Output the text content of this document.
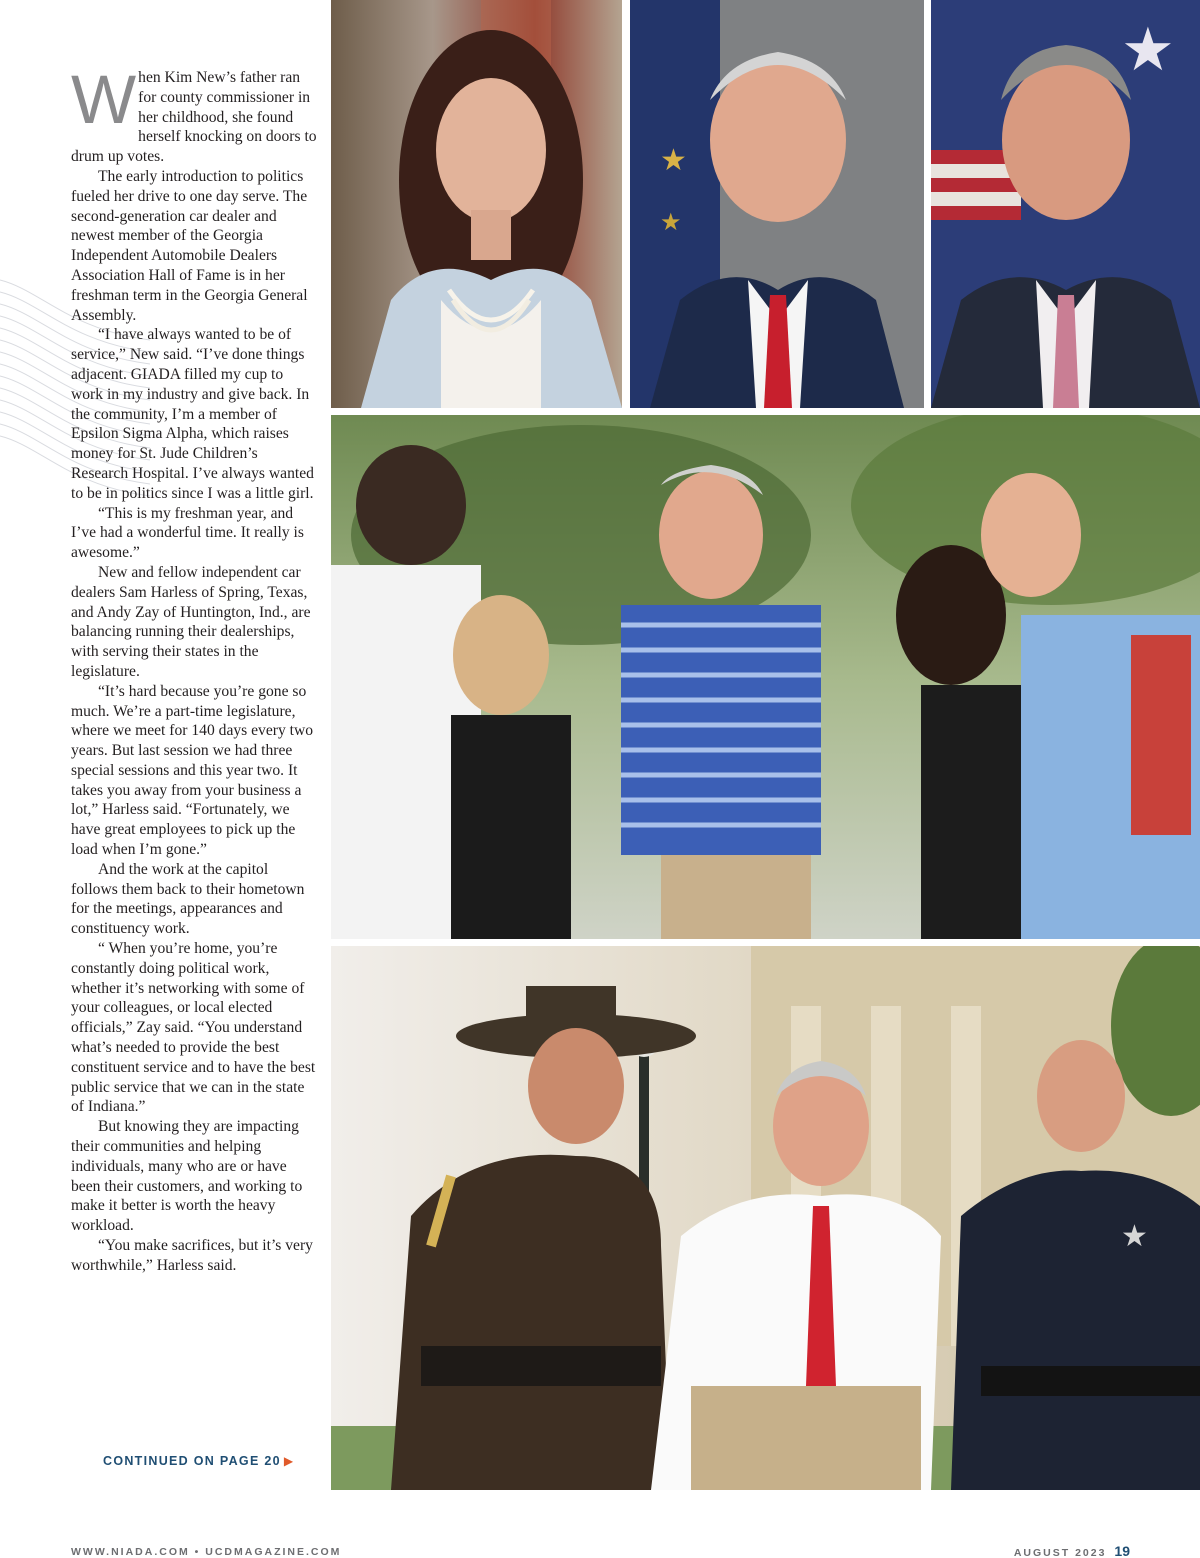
When Kim New’s father ran for county commissioner in her childhood, she found herself knocking on doors to drum up votes.

The early introduction to politics fueled her drive to one day serve. The second-generation car dealer and newest member of the Georgia Independent Automobile Dealers Association Hall of Fame is in her freshman term in the Georgia General Assembly.

“I have always wanted to be of service,” New said. “I’ve done things adjacent. GIADA filled my cup to work in my industry and give back. In the community, I’m a member of Epsilon Sigma Alpha, which raises money for St. Jude Children’s Research Hospital. I’ve always wanted to be in politics since I was a little girl.

“This is my freshman year, and I’ve had a wonderful time. It really is awesome.”

New and fellow independent car dealers Sam Harless of Spring, Texas, and Andy Zay of Huntington, Ind., are balancing running their dealerships, with serving their states in the legislature.

“It’s hard because you’re gone so much. We’re a part-time legislature, where we meet for 140 days every two years. But last session we had three special sessions and this year two. It takes you away from your business a lot,” Harless said. “Fortunately, we have great employees to pick up the load when I’m gone.”

And the work at the capitol follows them back to their hometown for the meetings, appearances and constituency work.

“ When you’re home, you’re constantly doing political work, whether it’s networking with some of your colleagues, or local elected officials,” Zay said. “You understand what’s needed to provide the best constituent service and to have the best public service that we can in the state of Indiana.”

But knowing they are impacting their communities and helping individuals, many who are or have been their customers, and working to make it better is worth the heavy workload.

“You make sacrifices, but it’s very worthwhile,” Harless said.

CONTINUED ON PAGE 20 ▶
★
★
★
★
WWW.NIADA.COM • UCDMAGAZINE.COM	AUGUST 2023 19
